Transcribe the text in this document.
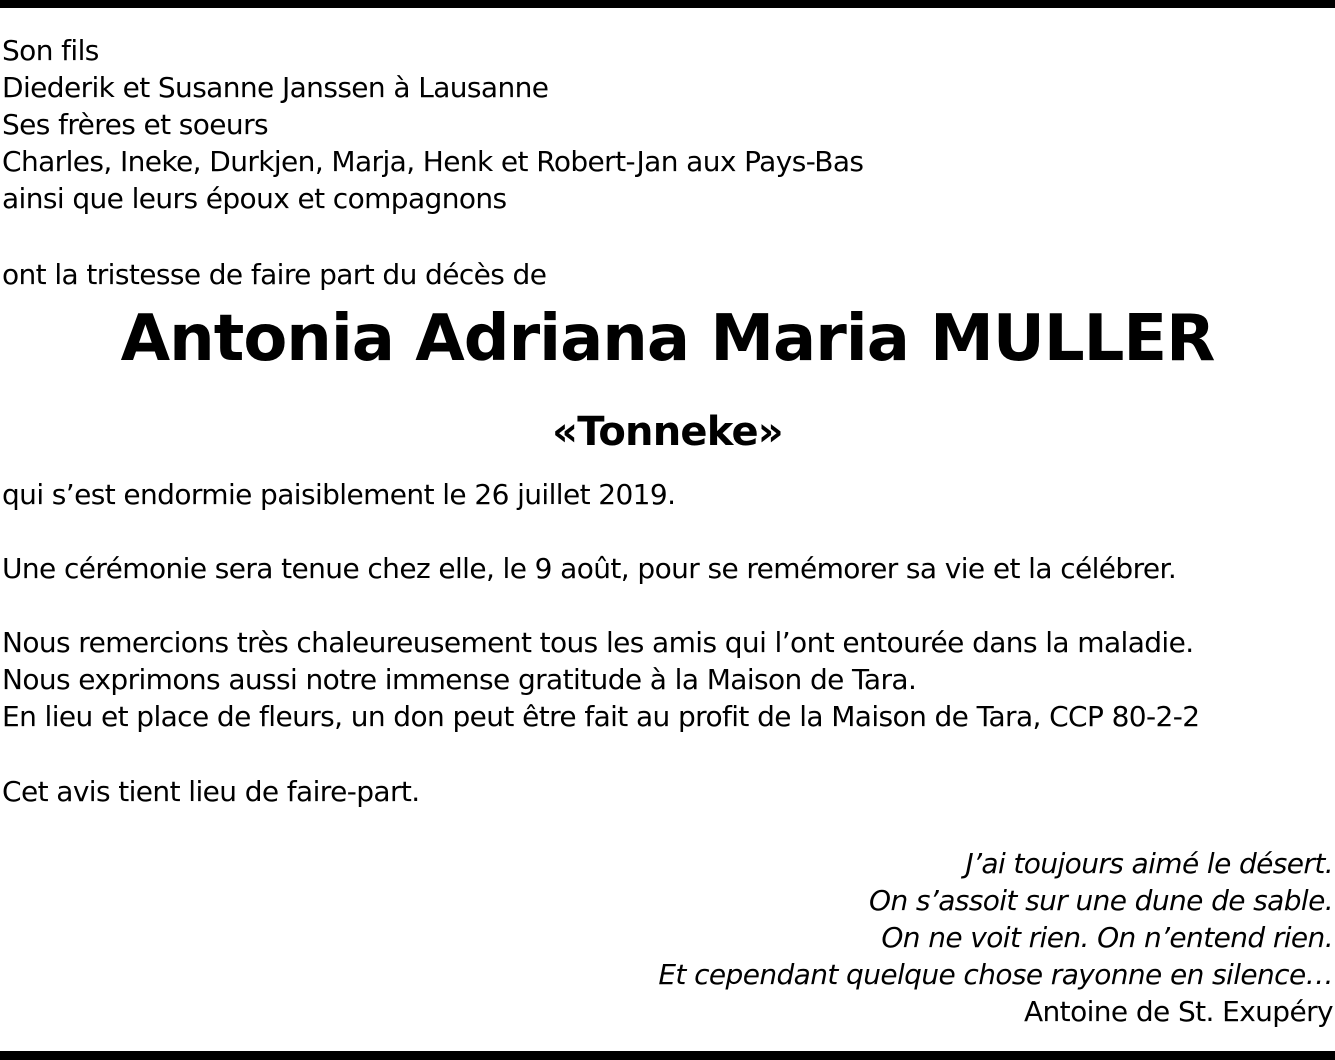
Son fils
Diederik et Susanne Janssen à Lausanne
Ses frères et soeurs
Charles, Ineke, Durkjen, Marja, Henk et Robert-Jan aux Pays-Bas
ainsi que leurs époux et compagnons
ont la tristesse de faire part du décès de
Antonia Adriana Maria MULLER
«Tonneke»
qui s’est endormie paisiblement le 26 juillet 2019.
Une cérémonie sera tenue chez elle, le 9 août, pour se remémorer sa vie et la célébrer.
Nous remercions très chaleureusement tous les amis qui l’ont entourée dans la maladie.
Nous exprimons aussi notre immense gratitude à la Maison de Tara.
En lieu et place de fleurs, un don peut être fait au profit de la Maison de Tara, CCP 80-2-2
Cet avis tient lieu de faire-part.
J’ai toujours aimé le désert.
On s’assoit sur une dune de sable.
On ne voit rien. On n’entend rien.
Et cependant quelque chose rayonne en silence…
Antoine de St. Exupéry
